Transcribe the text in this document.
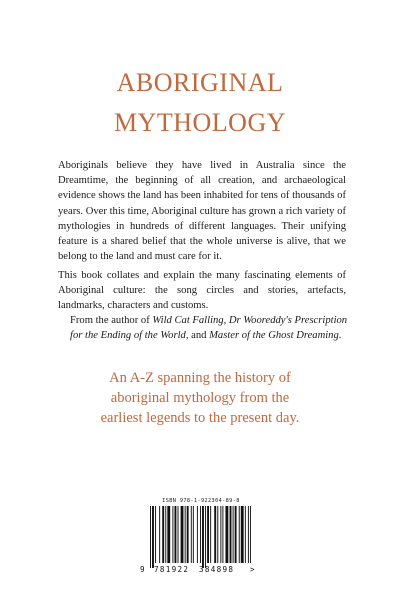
ABORIGINAL
MYTHOLOGY

Aboriginals believe they have lived in Australia since the Dreamtime, the beginning of all creation, and archaeological evidence shows the land has been inhabited for tens of thousands of years. Over this time, Aboriginal culture has grown a rich variety of mythologies in hundreds of different languages. Their unifying feature is a shared belief that the whole universe is alive, that we belong to the land and must care for it.

This book collates and explain the many fascinating elements of Aboriginal culture: the song circles and stories, artefacts, landmarks, characters and customs.

From the author of Wild Cat Falling, Dr Wooreddy's Prescription for the Ending of the World, and Master of the Ghost Dreaming.

An A-Z spanning the history of
aboriginal mythology from the
earliest legends to the present day.
ISBN 978-1-922304-89-8
9 781922 384898 >
